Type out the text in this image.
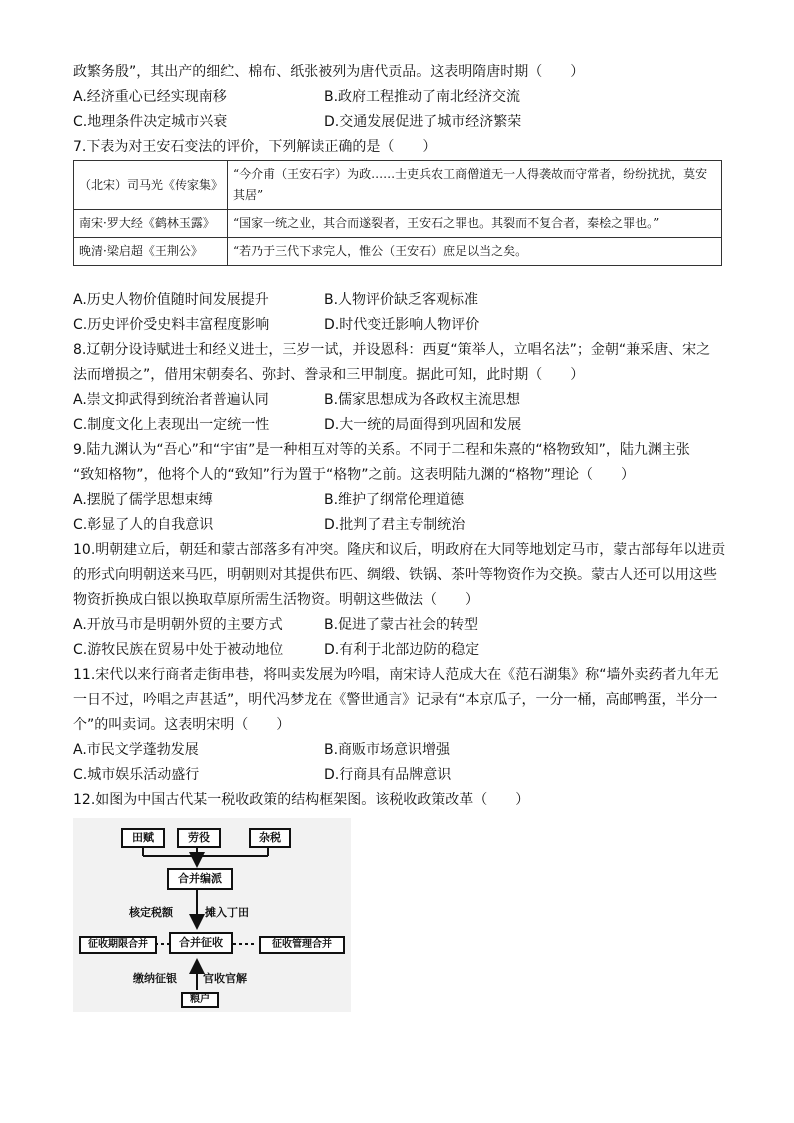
政繁务殷”，其出产的细纻、棉布、纸张被列为唐代贡品。这表明隋唐时期（　　）
A.经济重心已经实现南移	B.政府工程推动了南北经济交流
C.地理条件决定城市兴衰	D.交通发展促进了城市经济繁荣
7.下表为对王安石变法的评价，下列解读正确的是（　　）
（北宋）司马光《传家集》	“今介甫（王安石字）为政……士吏兵农工商僧道无一人得袭故而守常者，纷纷扰扰，莫安其居”
南宋·罗大经《鹤林玉露》	“国家一统之业，其合而遂裂者，王安石之罪也。其裂而不复合者，秦桧之罪也。”
晚清·梁启超《王荆公》	“若乃于三代下求完人，惟公（王安石）庶足以当之矣。
A.历史人物价值随时间发展提升	B.人物评价缺乏客观标准
C.历史评价受史料丰富程度影响	D.时代变迁影响人物评价
8.辽朝分设诗赋进士和经义进士，三岁一试，并设恩科：西夏“策举人，立唱名法”；金朝“兼采唐、宋之
法而增损之”，借用宋朝奏名、弥封、誊录和三甲制度。据此可知，此时期（　　）
A.崇文抑武得到统治者普遍认同	B.儒家思想成为各政权主流思想
C.制度文化上表现出一定统一性	D.大一统的局面得到巩固和发展
9.陆九渊认为“吾心”和“宇宙”是一种相互对等的关系。不同于二程和朱熹的“格物致知”，陆九渊主张
“致知格物”，他将个人的“致知”行为置于“格物”之前。这表明陆九渊的“格物”理论（　　）
A.摆脱了儒学思想束缚	B.维护了纲常伦理道德
C.彰显了人的自我意识	D.批判了君主专制统治
10.明朝建立后，朝廷和蒙古部落多有冲突。隆庆和议后，明政府在大同等地划定马市，蒙古部每年以进贡
的形式向明朝送来马匹，明朝则对其提供布匹、绸缎、铁锅、茶叶等物资作为交换。蒙古人还可以用这些
物资折换成白银以换取草原所需生活物资。明朝这些做法（　　）
A.开放马市是明朝外贸的主要方式	B.促进了蒙古社会的转型
C.游牧民族在贸易中处于被动地位	D.有利于北部边防的稳定
11.宋代以来行商者走街串巷，将叫卖发展为吟唱，南宋诗人范成大在《范石湖集》称“墙外卖药者九年无
一日不过，吟唱之声甚适”，明代冯梦龙在《警世通言》记录有“本京瓜子，一分一桶，高邮鸭蛋，半分一
个”的叫卖词。这表明宋明（　　）
A.市民文学蓬勃发展	B.商贩市场意识增强
C.城市娱乐活动盛行	D.行商具有品牌意识
12.如图为中国古代某一税收政策的结构框架图。该税收政策改革（　　）
田赋	劳役	杂税
合并编派
核定税额	摊入丁田
合并征收
征收期限合并	征收管理合并
缴纳征银 官收官解
粮户
